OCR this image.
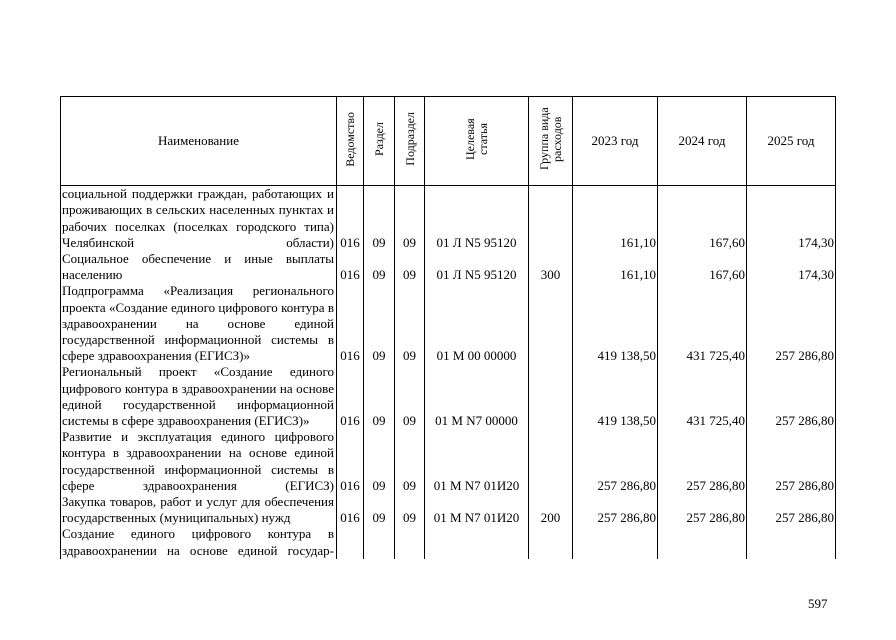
Наименование	Ведомство	Раздел	Подраздел	Целевая статья	Группа вида расходов	2023 год	2024 год	2025 год
социальной поддержки граждан, работающих и проживающих в сельских населенных пунктах и рабочих поселках (поселках городского типа) Челябинской области)	016	09	09	01 Л N5 95120		161,10	167,60	174,30
Социальное обеспечение и иные выплаты населению	016	09	09	01 Л N5 95120	300	161,10	167,60	174,30
Подпрограмма «Реализация регионального проекта «Создание единого цифрового контура в здравоохранении на основе единой государственной информационной системы в сфере здравоохранения (ЕГИСЗ)»	016	09	09	01 М 00 00000		419 138,50	431 725,40	257 286,80
Региональный проект «Создание единого цифрового контура в здравоохранении на основе единой государственной информационной системы в сфере здравоохранения (ЕГИСЗ)»	016	09	09	01 М N7 00000		419 138,50	431 725,40	257 286,80
Развитие и эксплуатация единого цифрового контура в здравоохранении на основе единой государственной информационной системы в сфере здравоохранения (ЕГИСЗ)	016	09	09	01 М N7 01И20		257 286,80	257 286,80	257 286,80
Закупка товаров, работ и услуг для обеспечения государственных (муниципальных) нужд	016	09	09	01 М N7 01И20	200	257 286,80	257 286,80	257 286,80
Создание единого цифрового контура в здравоохранении на основе единой государ-								
597
